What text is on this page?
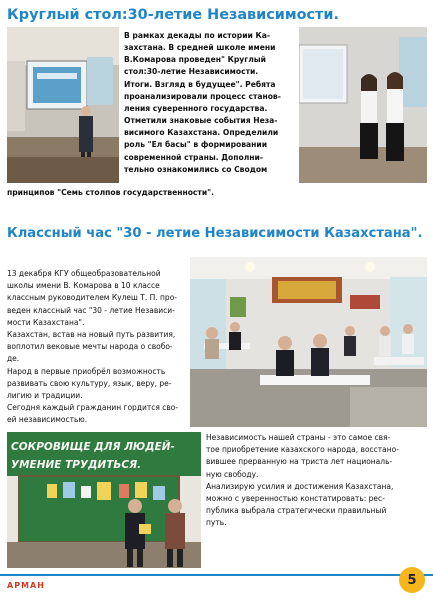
Круглый стол:30-летие Независимости.

В рамках декады по истории Ка-

захстана. В средней школе имени

В.Комарова проведен" Круглый

стол:30-летие Независимости.

Итоги. Взгляд в будущее". Ребята

проанализировали процесс станов-

ления суверенного государства.

Отметили знаковые события Неза-

висимого Казахстана. Определили

роль "Ел басы" в формировании

современной страны. Дополни-

тельно ознакомились со Сводом

принципов "Семь столпов государственности".
Классный час "30 - летие Независимости Казахстана".

13 декабря КГУ общеобразовательной

школы имени В. Комарова в 10 классе

классным руководителем Кулеш Т. П. про-

веден классный час "30 - летие Независи-

мости Казахстана".

Казахстан, встав на новый путь развития,

воплотил вековые мечты народа о свобо-

де.

Народ в первые приобрёл возможность

развивать свою культуру, язык, веру, ре-

лигию и традиции.

Сегодня каждый гражданин гордится сво-

ей независимостью.

СОКРОВИЩЕ ДЛЯ ЛЮДЕЙ-
УМЕНИЕ ТРУДИТЬСЯ.

Независимость нашей страны - это самое свя-

тое приобретение казахского народа, восстано-

вившее прерванную на триста лет националь-

ную свободу.

Анализирую усилия и достижения Казахстана,

можно с уверенностью констатировать: рес-

публика выбрала стратегически правильный

путь.

АРМАН	5
